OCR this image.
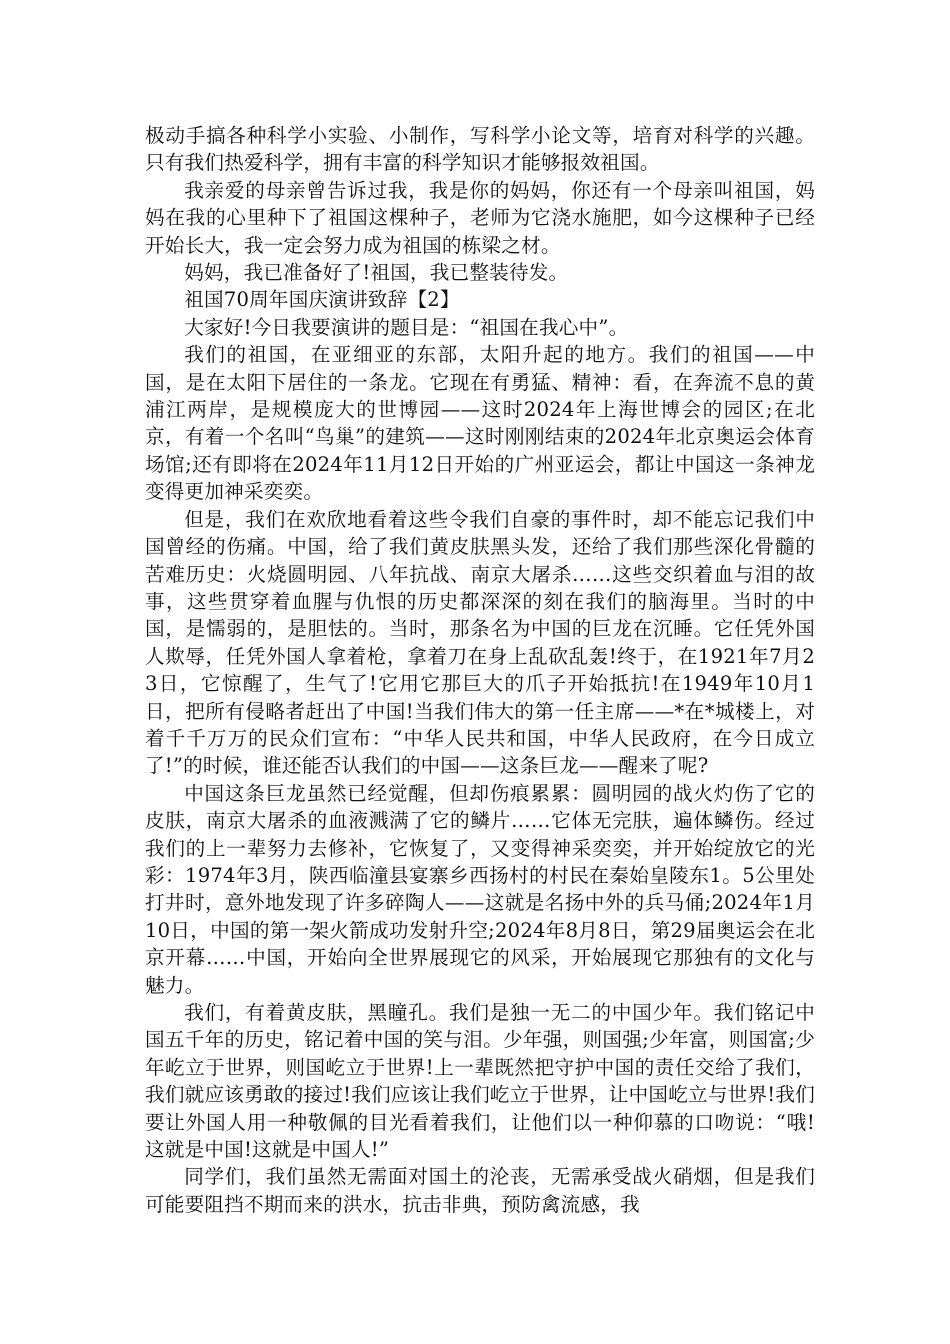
极动手搞各种科学小实验、小制作，写科学小论文等，培育对科学的兴趣。只有我们热爱科学，拥有丰富的科学知识才能够报效祖国。

我亲爱的母亲曾告诉过我，我是你的妈妈，你还有一个母亲叫祖国，妈妈在我的心里种下了祖国这棵种子，老师为它浇水施肥，如今这棵种子已经开始长大，我一定会努力成为祖国的栋梁之材。

妈妈，我已准备好了!祖国，我已整装待发。

祖国70周年国庆演讲致辞【2】

大家好!今日我要演讲的题目是：“祖国在我心中”。

我们的祖国，在亚细亚的东部，太阳升起的地方。我们的祖国——中国，是在太阳下居住的一条龙。它现在有勇猛、精神：看，在奔流不息的黄浦江两岸，是规模庞大的世博园——这时2024年上海世博会的园区;在北京，有着一个名叫“鸟巢”的建筑——这时刚刚结束的2024年北京奥运会体育场馆;还有即将在2024年11月12日开始的广州亚运会，都让中国这一条神龙变得更加神采奕奕。

但是，我们在欢欣地看着这些令我们自豪的事件时，却不能忘记我们中国曾经的伤痛。中国，给了我们黄皮肤黑头发，还给了我们那些深化骨髓的苦难历史：火烧圆明园、八年抗战、南京大屠杀……这些交织着血与泪的故事，这些贯穿着血腥与仇恨的历史都深深的刻在我们的脑海里。当时的中国，是懦弱的，是胆怯的。当时，那条名为中国的巨龙在沉睡。它任凭外国人欺辱，任凭外国人拿着枪，拿着刀在身上乱砍乱轰!终于，在1921年7月23日，它惊醒了，生气了!它用它那巨大的爪子开始抵抗!在1949年10月1日，把所有侵略者赶出了中国!当我们伟大的第一任主席——*在*城楼上，对着千千万万的民众们宣布：“中华人民共和国，中华人民政府，在今日成立了!”的时候，谁还能否认我们的中国——这条巨龙——醒来了呢?

中国这条巨龙虽然已经觉醒，但却伤痕累累：圆明园的战火灼伤了它的皮肤，南京大屠杀的血液溅满了它的鳞片……它体无完肤，遍体鳞伤。经过我们的上一辈努力去修补，它恢复了，又变得神采奕奕，并开始绽放它的光彩：1974年3月，陕西临潼县宴寨乡西扬村的村民在秦始皇陵东1。5公里处打井时，意外地发现了许多碎陶人——这就是名扬中外的兵马俑;2024年1月10日，中国的第一架火箭成功发射升空;2024年8月8日，第29届奥运会在北京开幕……中国，开始向全世界展现它的风采，开始展现它那独有的文化与魅力。

我们，有着黄皮肤，黑瞳孔。我们是独一无二的中国少年。我们铭记中国五千年的历史，铭记着中国的笑与泪。少年强，则国强;少年富，则国富;少年屹立于世界，则国屹立于世界!上一辈既然把守护中国的责任交给了我们，我们就应该勇敢的接过!我们应该让我们屹立于世界，让中国屹立与世界!我们要让外国人用一种敬佩的目光看着我们，让他们以一种仰慕的口吻说：“哦!这就是中国!这就是中国人!”

同学们，我们虽然无需面对国土的沦丧，无需承受战火硝烟，但是我们可能要阻挡不期而来的洪水，抗击非典，预防禽流感，我
